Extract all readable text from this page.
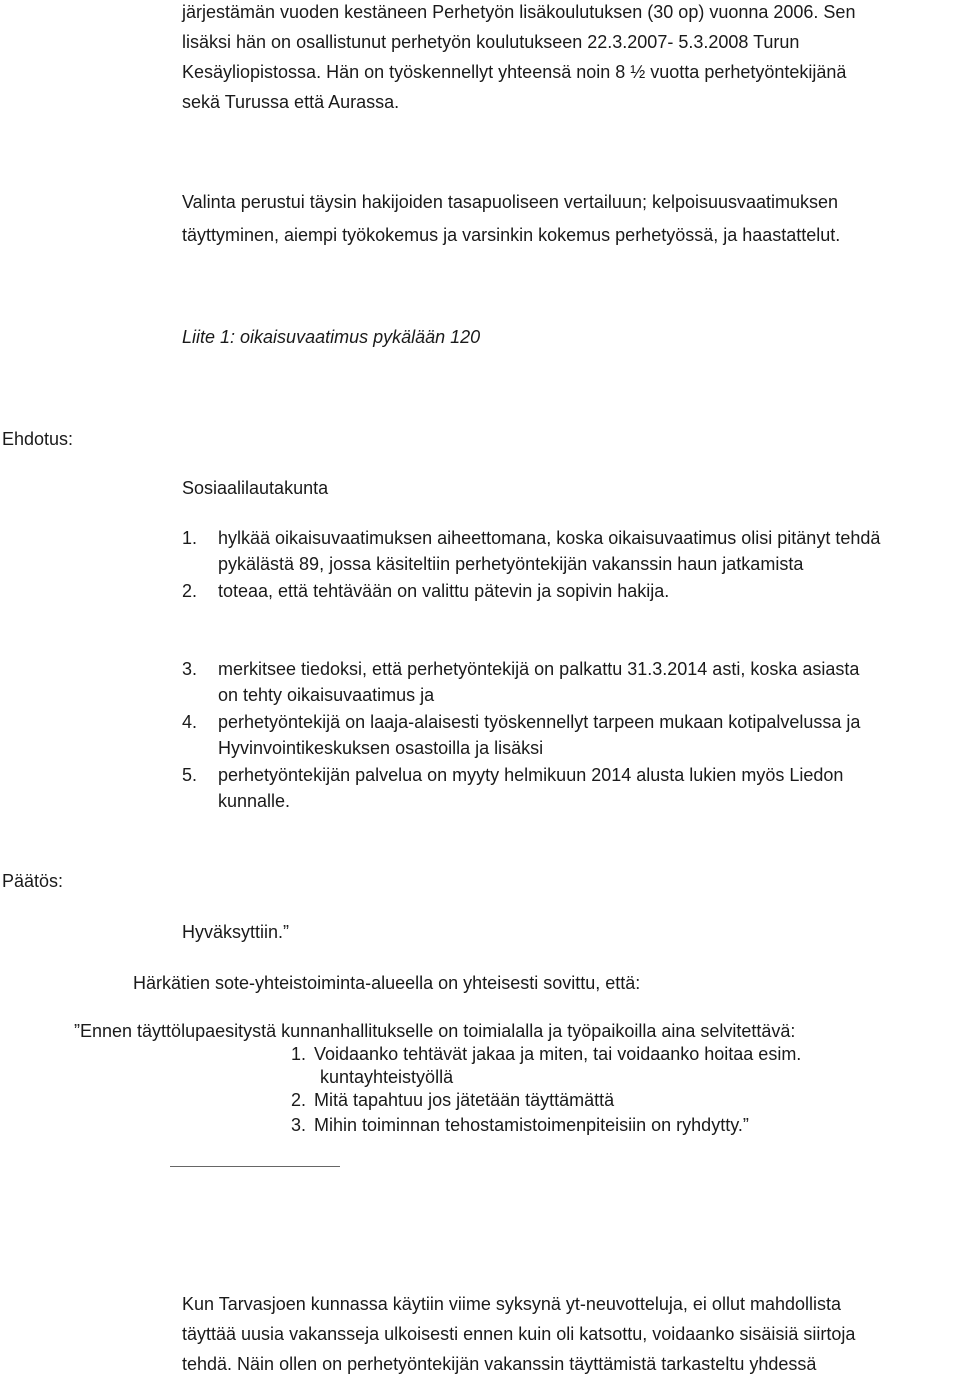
järjestämän vuoden kestäneen Perhetyön lisäkoulutuksen (30 op) vuonna 2006. Sen
lisäksi hän on osallistunut perhetyön koulutukseen 22.3.2007- 5.3.2008 Turun
Kesäyliopistossa. Hän on työskennellyt yhteensä noin 8 ½ vuotta perhetyöntekijänä
sekä Turussa että Aurassa.
Valinta perustui täysin hakijoiden tasapuoliseen vertailuun; kelpoisuusvaatimuksen
täyttyminen, aiempi työkokemus ja varsinkin kokemus perhetyössä, ja haastattelut.
Liite 1: oikaisuvaatimus pykälään 120
Ehdotus:
Sosiaalilautakunta
1. hylkää oikaisuvaatimuksen aiheettomana, koska oikaisuvaatimus olisi pitänyt tehdä
pykälästä 89, jossa käsiteltiin perhetyöntekijän vakanssin haun jatkamista
2. toteaa, että tehtävään on valittu pätevin ja sopivin hakija.
3. merkitsee tiedoksi, että perhetyöntekijä on palkattu 31.3.2014 asti, koska asiasta
on tehty oikaisuvaatimus ja
4. perhetyöntekijä on laaja-alaisesti työskennellyt tarpeen mukaan kotipalvelussa ja
Hyvinvointikeskuksen osastoilla ja lisäksi
5. perhetyöntekijän palvelua on myyty helmikuun 2014 alusta lukien myös Liedon
kunnalle.
Päätös:
Hyväksyttiin.”
Härkätien sote-yhteistoiminta-alueella on yhteisesti sovittu, että:
”Ennen täyttölupaesitystä kunnanhallitukselle on toimialalla ja työpaikoilla aina selvitettävä:
1. Voidaanko tehtävät jakaa ja miten, tai voidaanko hoitaa esim.
kuntayhteistyöllä
2. Mitä tapahtuu jos jätetään täyttämättä
3. Mihin toiminnan tehostamistoimenpiteisiin on ryhdytty.”
Kun Tarvasjoen kunnassa käytiin viime syksynä yt-neuvotteluja, ei ollut mahdollista
täyttää uusia vakansseja ulkoisesti ennen kuin oli katsottu, voidaanko sisäisiä siirtoja
tehdä. Näin ollen on perhetyöntekijän vakanssin täyttämistä tarkasteltu yhdessä
